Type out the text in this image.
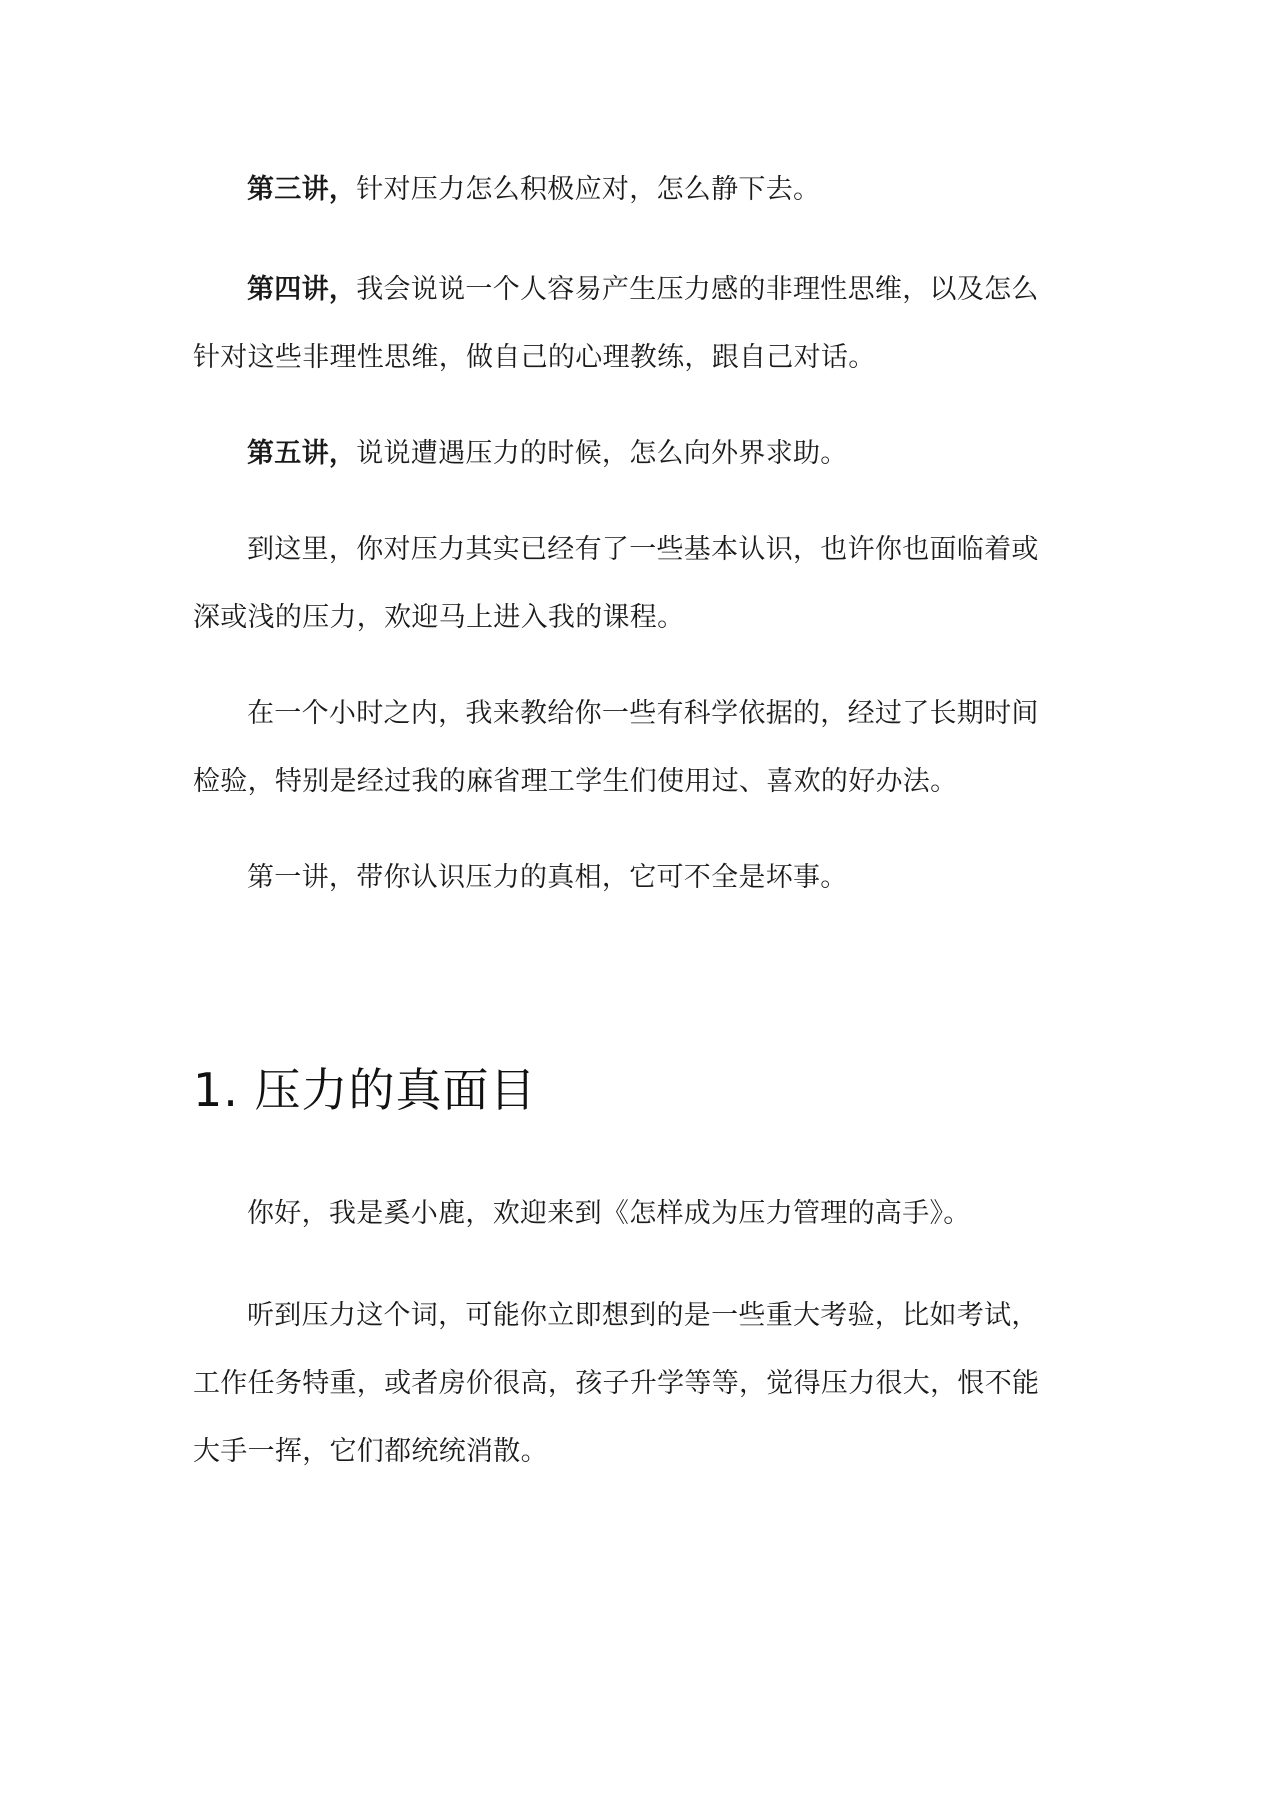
第三讲，针对压力怎么积极应对，怎么静下去。

第四讲，我会说说一个人容易产生压力感的非理性思维，以及怎么针对这些非理性思维，做自己的心理教练，跟自己对话。

第五讲，说说遭遇压力的时候，怎么向外界求助。

到这里，你对压力其实已经有了一些基本认识，也许你也面临着或深或浅的压力，欢迎马上进入我的课程。

在一个小时之内，我来教给你一些有科学依据的，经过了长期时间检验，特别是经过我的麻省理工学生们使用过、喜欢的好办法。

第一讲，带你认识压力的真相，它可不全是坏事。

1. 压力的真面目

你好，我是奚小鹿，欢迎来到《怎样成为压力管理的高手》。

听到压力这个词，可能你立即想到的是一些重大考验，比如考试，工作任务特重，或者房价很高，孩子升学等等，觉得压力很大，恨不能大手一挥，它们都统统消散。
